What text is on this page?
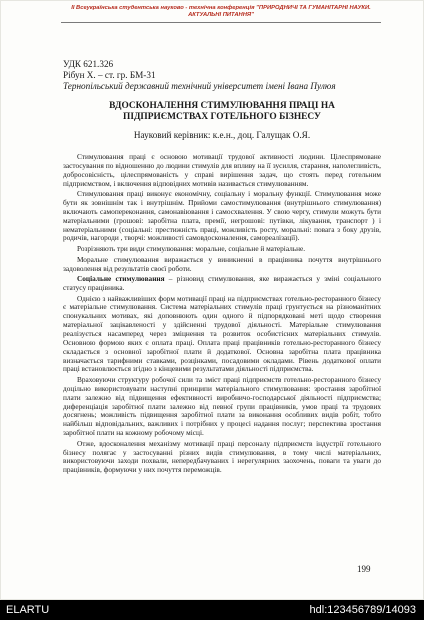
II Всеукраїнська студентська науково - технічна конференція "ПРИРОДНИЧІ ТА ГУМАНІТАРНІ НАУКИ.
АКТУАЛЬНІ ПИТАННЯ"
УДК 621.326
Рібун Х. – ст. гр. БМ-31
Тернопільський державний технічний університет імені Івана Пулюя
ВДОСКОНАЛЕННЯ СТИМУЛЮВАННЯ ПРАЦІ НА
ПІДПРИЄМСТВАХ ГОТЕЛЬНОГО БІЗНЕСУ
Науковий керівник: к.е.н., доц. Галущак О.Я.

Стимулювання праці є основою мотивації трудової активності людини. Цілеспрямоване застосування по відношенню до людини стимулів для впливу на її зусилля, старання, наполегливість, добросовісність, цілеспрямованість у справі вирішення задач, що стоять перед готельним підприємством, і включення відповідних мотивів називається стимулюванням.

Стимулювання праці виконує економічну, соціальну і моральну функції. Стимулювання може бути як зовнішнім так і внутрішнім. Прийоми самостимулювання (внутрішнього стимулювання) включають самопереконання, самонавіювання і самосхвалення. У свою чергу, стимули можуть бути матеріальними (грошові: заробітна плата, премії, негрошові: путівки, лікування, транспорт ) і нематеріальними (соціальні: престижність праці, можливість росту, моральні: повага з боку друзів, родичів, нагороди , творчі: можливості самовдосконалення, самореалізації).

Розрізняють три види стимулювання: моральне, соціальне й матеріальне.

Моральне стимулювання виражається у виникненні в працівника почуття внутрішнього задоволення від результатів своєї роботи.

Соціальне стимулювання – різновид стимулювання, яке виражається у зміні соціального статусу працівника.

Однією з найважливіших форм мотивації праці на підприємствах готельно-ресторанного бізнесу є матеріальне стимулювання. Система матеріальних стимулів праці грунтується на різноманітних спонукальних мотивах, які доповнюють один одного й підпорядковані меті щодо створення матеріальної зацікавленості у здійсненні трудової діяльності. Матеріальне стимулювання реалізується насамперед через зміцнення та розвиток особистісних матеріальних стимулів. Основною формою яких є оплата праці. Оплата праці працівників готельно-ресторанного бізнесу складається з основної заробітної плати й додаткової. Основна заробітна плата працівника визначається тарифними ставками, розцінками, посадовими окладами. Рівень додаткової оплати праці встановлюється згідно з кінцевими результатами діяльності підприємства.

Враховуючи структуру робочої сили та зміст праці підприємств готельно-ресторанного бізнесу доцільно використовувати наступні принципи матеріального стимулювання: зростання заробітної плати залежно від підвищення ефективності виробничо-господарської діяльності підприємства; диференціація заробітної плати залежно від певної групи працівників, умов праці та трудових досягнень; можливість підвищення заробітної плати за виконання особливих видів робіт, тобто найбільш відповідальних, важливих і потрібних у процесі надання послуг; перспектива зростання заробітної плати на кожному робочому місці.

Отже, вдосконалення механізму мотивації праці персоналу підприємств індустрії готельного бізнесу полягає у застосуванні різних видів стимулювання, в тому числі матеріальних, використовуючи заходи похвали, непередбачуваних і нерегулярних заохочень, поваги та уваги до працівників, формуючи у них почуття переможців.

199
ELARTU	hdl:123456789/14093
